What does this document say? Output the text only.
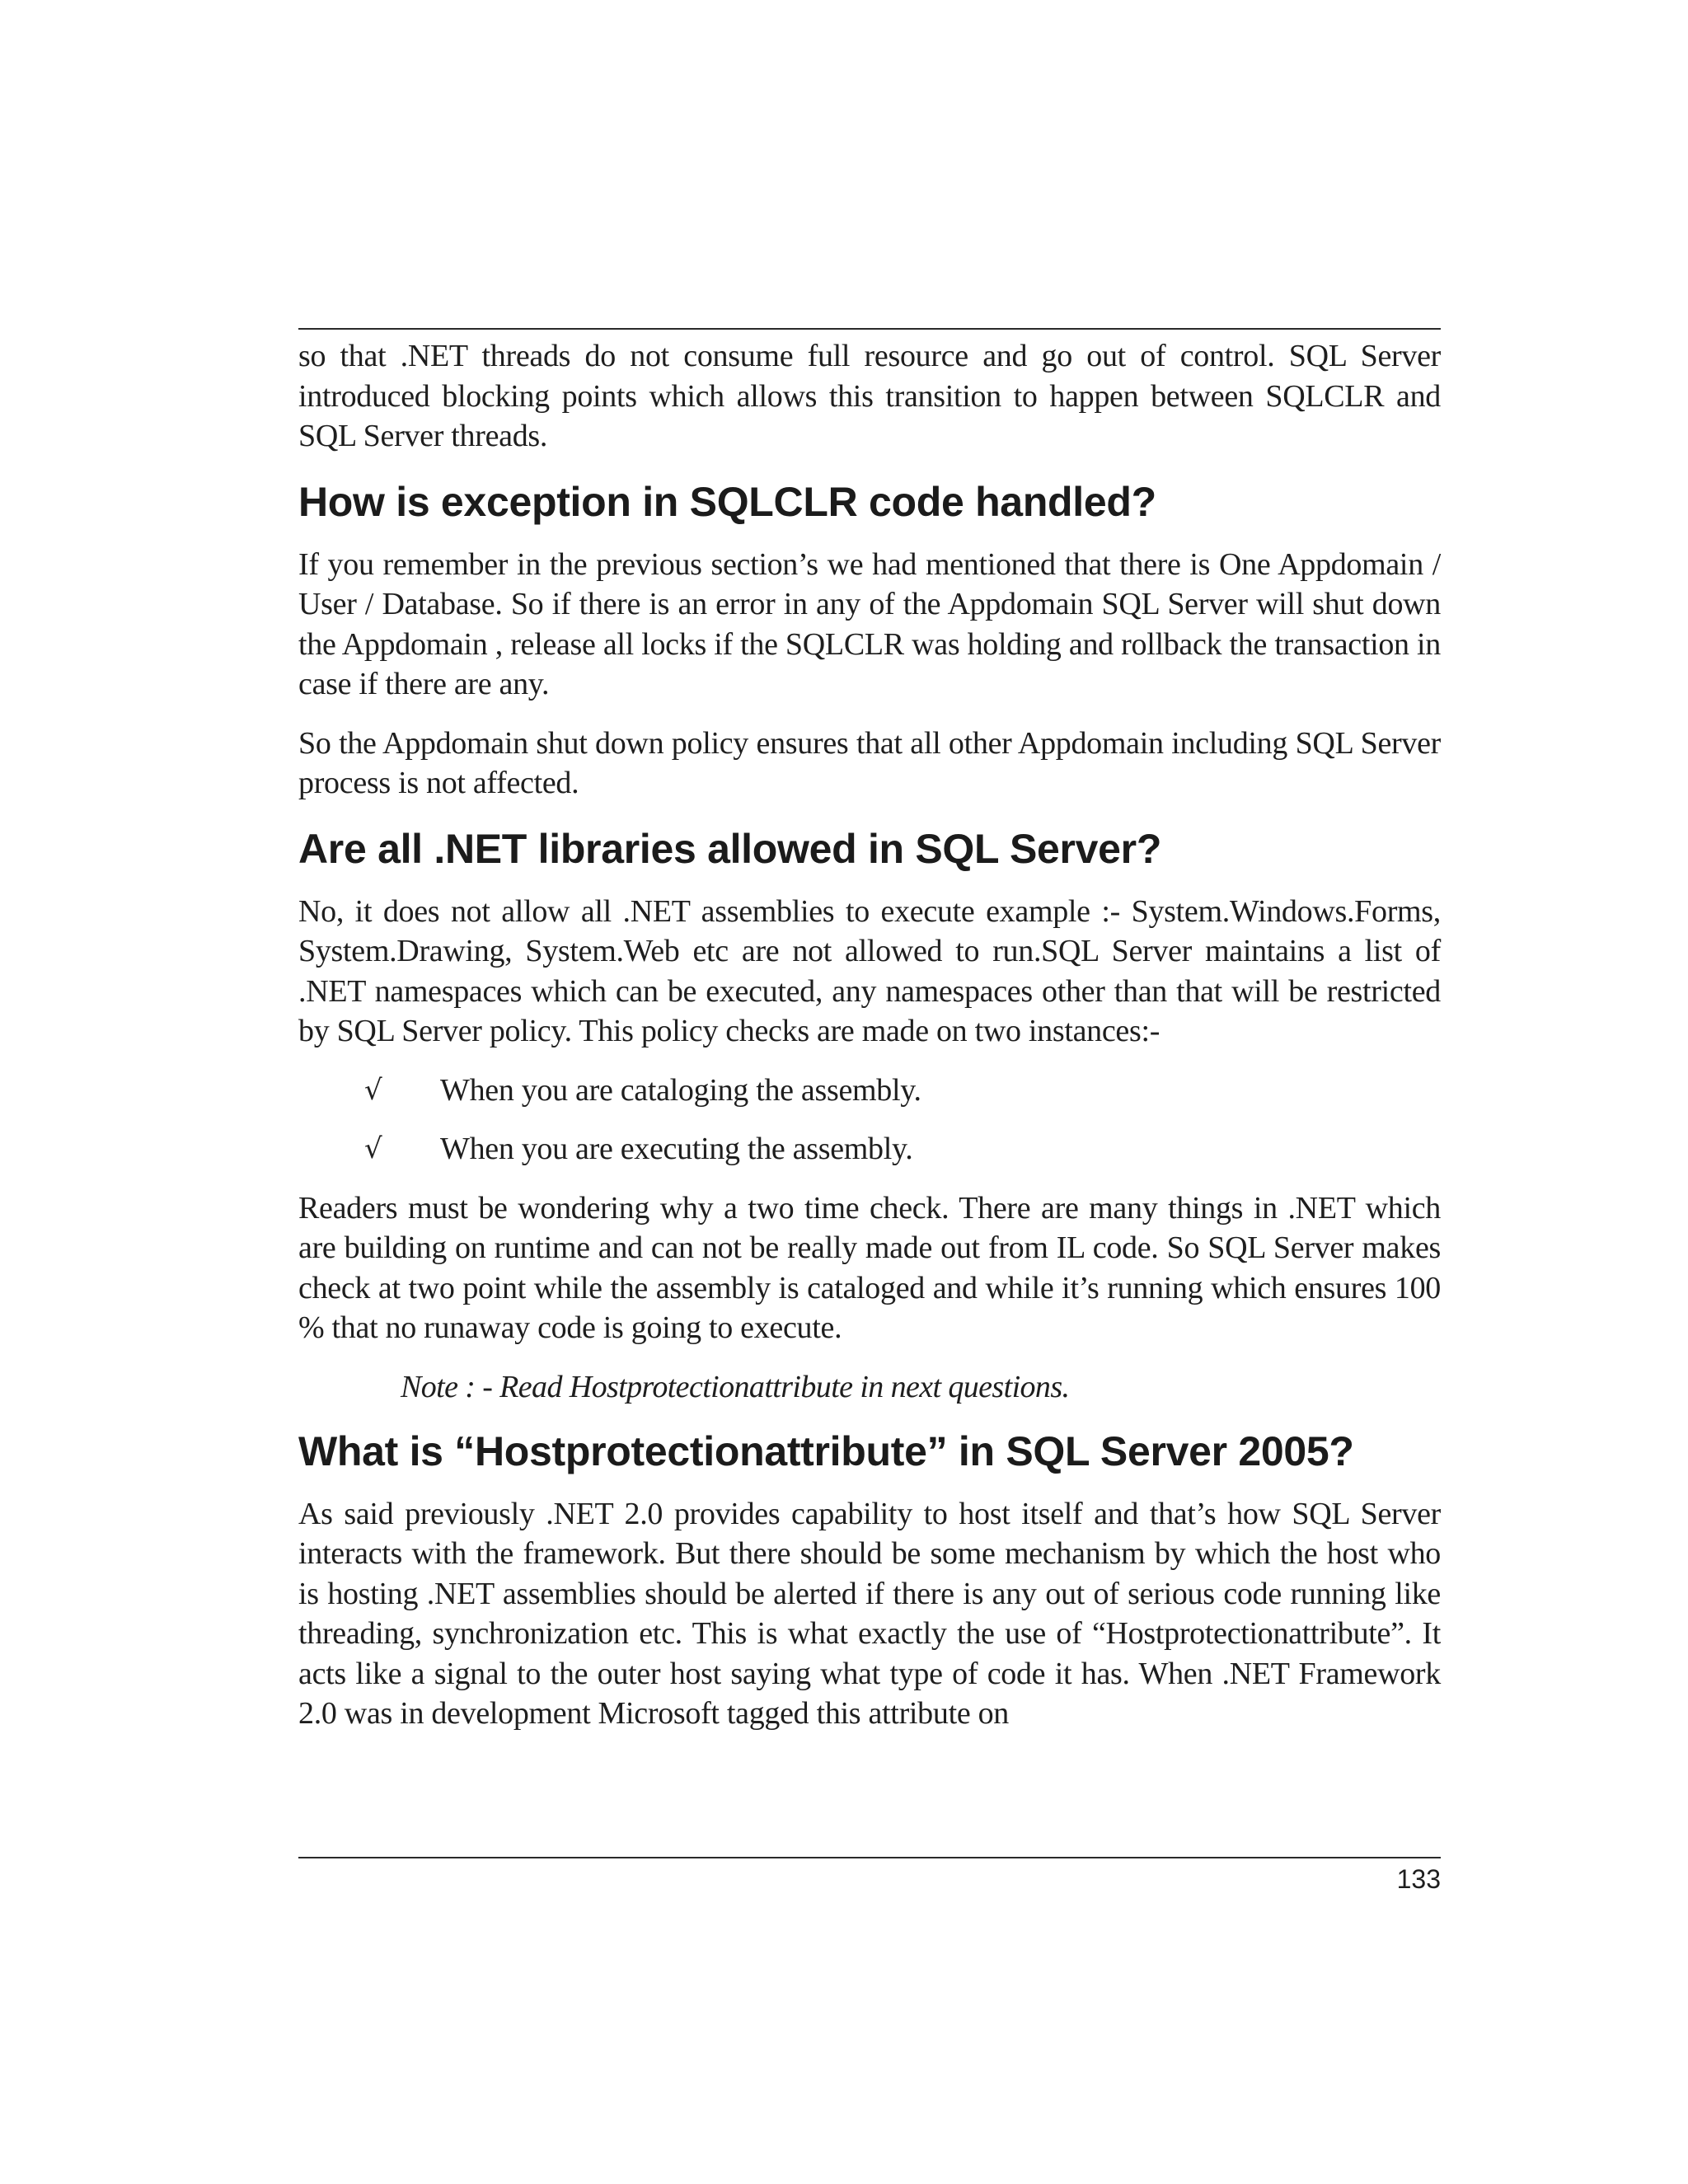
so that .NET threads do not consume full resource and go out of control. SQL Server introduced blocking points which allows this transition to happen between SQLCLR and SQL Server threads.

How is exception in SQLCLR code handled?

If you remember in the previous section’s we had mentioned that there is One Appdomain / User / Database. So if there is an error in any of the Appdomain SQL Server will shut down the Appdomain , release all locks if the SQLCLR was holding and rollback the transaction in case if there are any.

So the Appdomain shut down policy ensures that all other Appdomain including SQL Server process is not affected.

Are all .NET libraries allowed in SQL Server?

No, it does not allow all .NET assemblies to execute example :- System.Windows.Forms, System.Drawing, System.Web etc are not allowed to run.SQL Server maintains a list of .NET namespaces which can be executed, any namespaces other than that will be restricted by SQL Server policy. This policy checks are made on two instances:-

√ When you are cataloging the assembly.
√ When you are executing the assembly.

Readers must be wondering why a two time check. There are many things in .NET which are building on runtime and can not be really made out from IL code. So SQL Server makes check at two point while the assembly is cataloged and while it’s running which ensures 100 % that no runaway code is going to execute.

Note : - Read Hostprotectionattribute in next questions.

What is “Hostprotectionattribute” in SQL Server 2005?

As said previously .NET 2.0 provides capability to host itself and that’s how SQL Server interacts with the framework. But there should be some mechanism by which the host who is hosting .NET assemblies should be alerted if there is any out of serious code running like threading, synchronization etc. This is what exactly the use of “Hostprotectionattribute”. It acts like a signal to the outer host saying what type of code it has. When .NET Framework 2.0 was in development Microsoft tagged this attribute on

133
